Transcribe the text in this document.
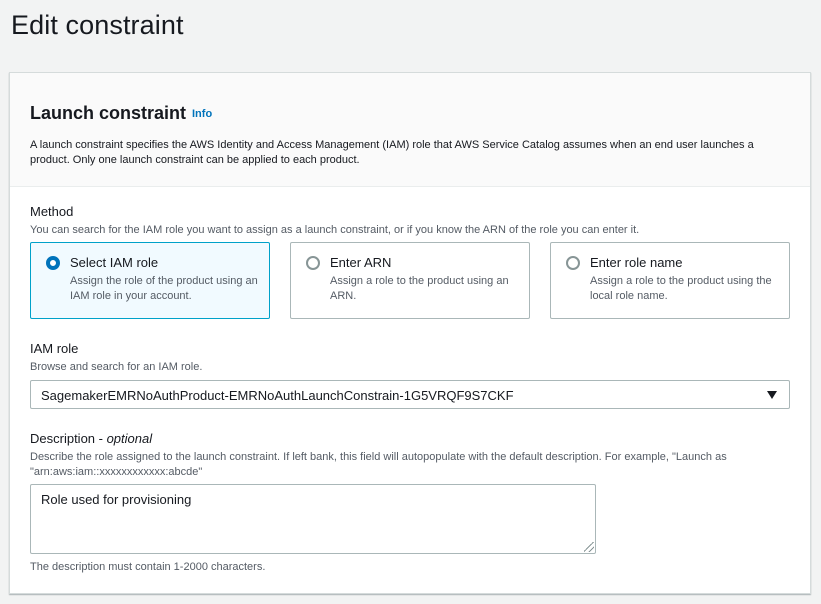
Edit constraint
Launch constraint Info

A launch constraint specifies the AWS Identity and Access Management (IAM) role that AWS Service Catalog assumes when an end user launches a product. Only one launch constraint can be applied to each product.

Method
You can search for the IAM role you want to assign as a launch constraint, or if you know the ARN of the role you can enter it.
Select IAM role
Assign the role of the product using an IAM role in your account.
Enter ARN
Assign a role to the product using an ARN.
Enter role name
Assign a role to the product using the local role name.
IAM role
Browse and search for an IAM role.
SagemakerEMRNoAuthProduct-EMRNoAuthLaunchConstrain-1G5VRQF9S7CKF
Description - optional
Describe the role assigned to the launch constraint. If left bank, this field will autopopulate with the default description. For example, "Launch as "arn:aws:iam::xxxxxxxxxxxx:abcde"
Role used for provisioning
The description must contain 1-2000 characters.
